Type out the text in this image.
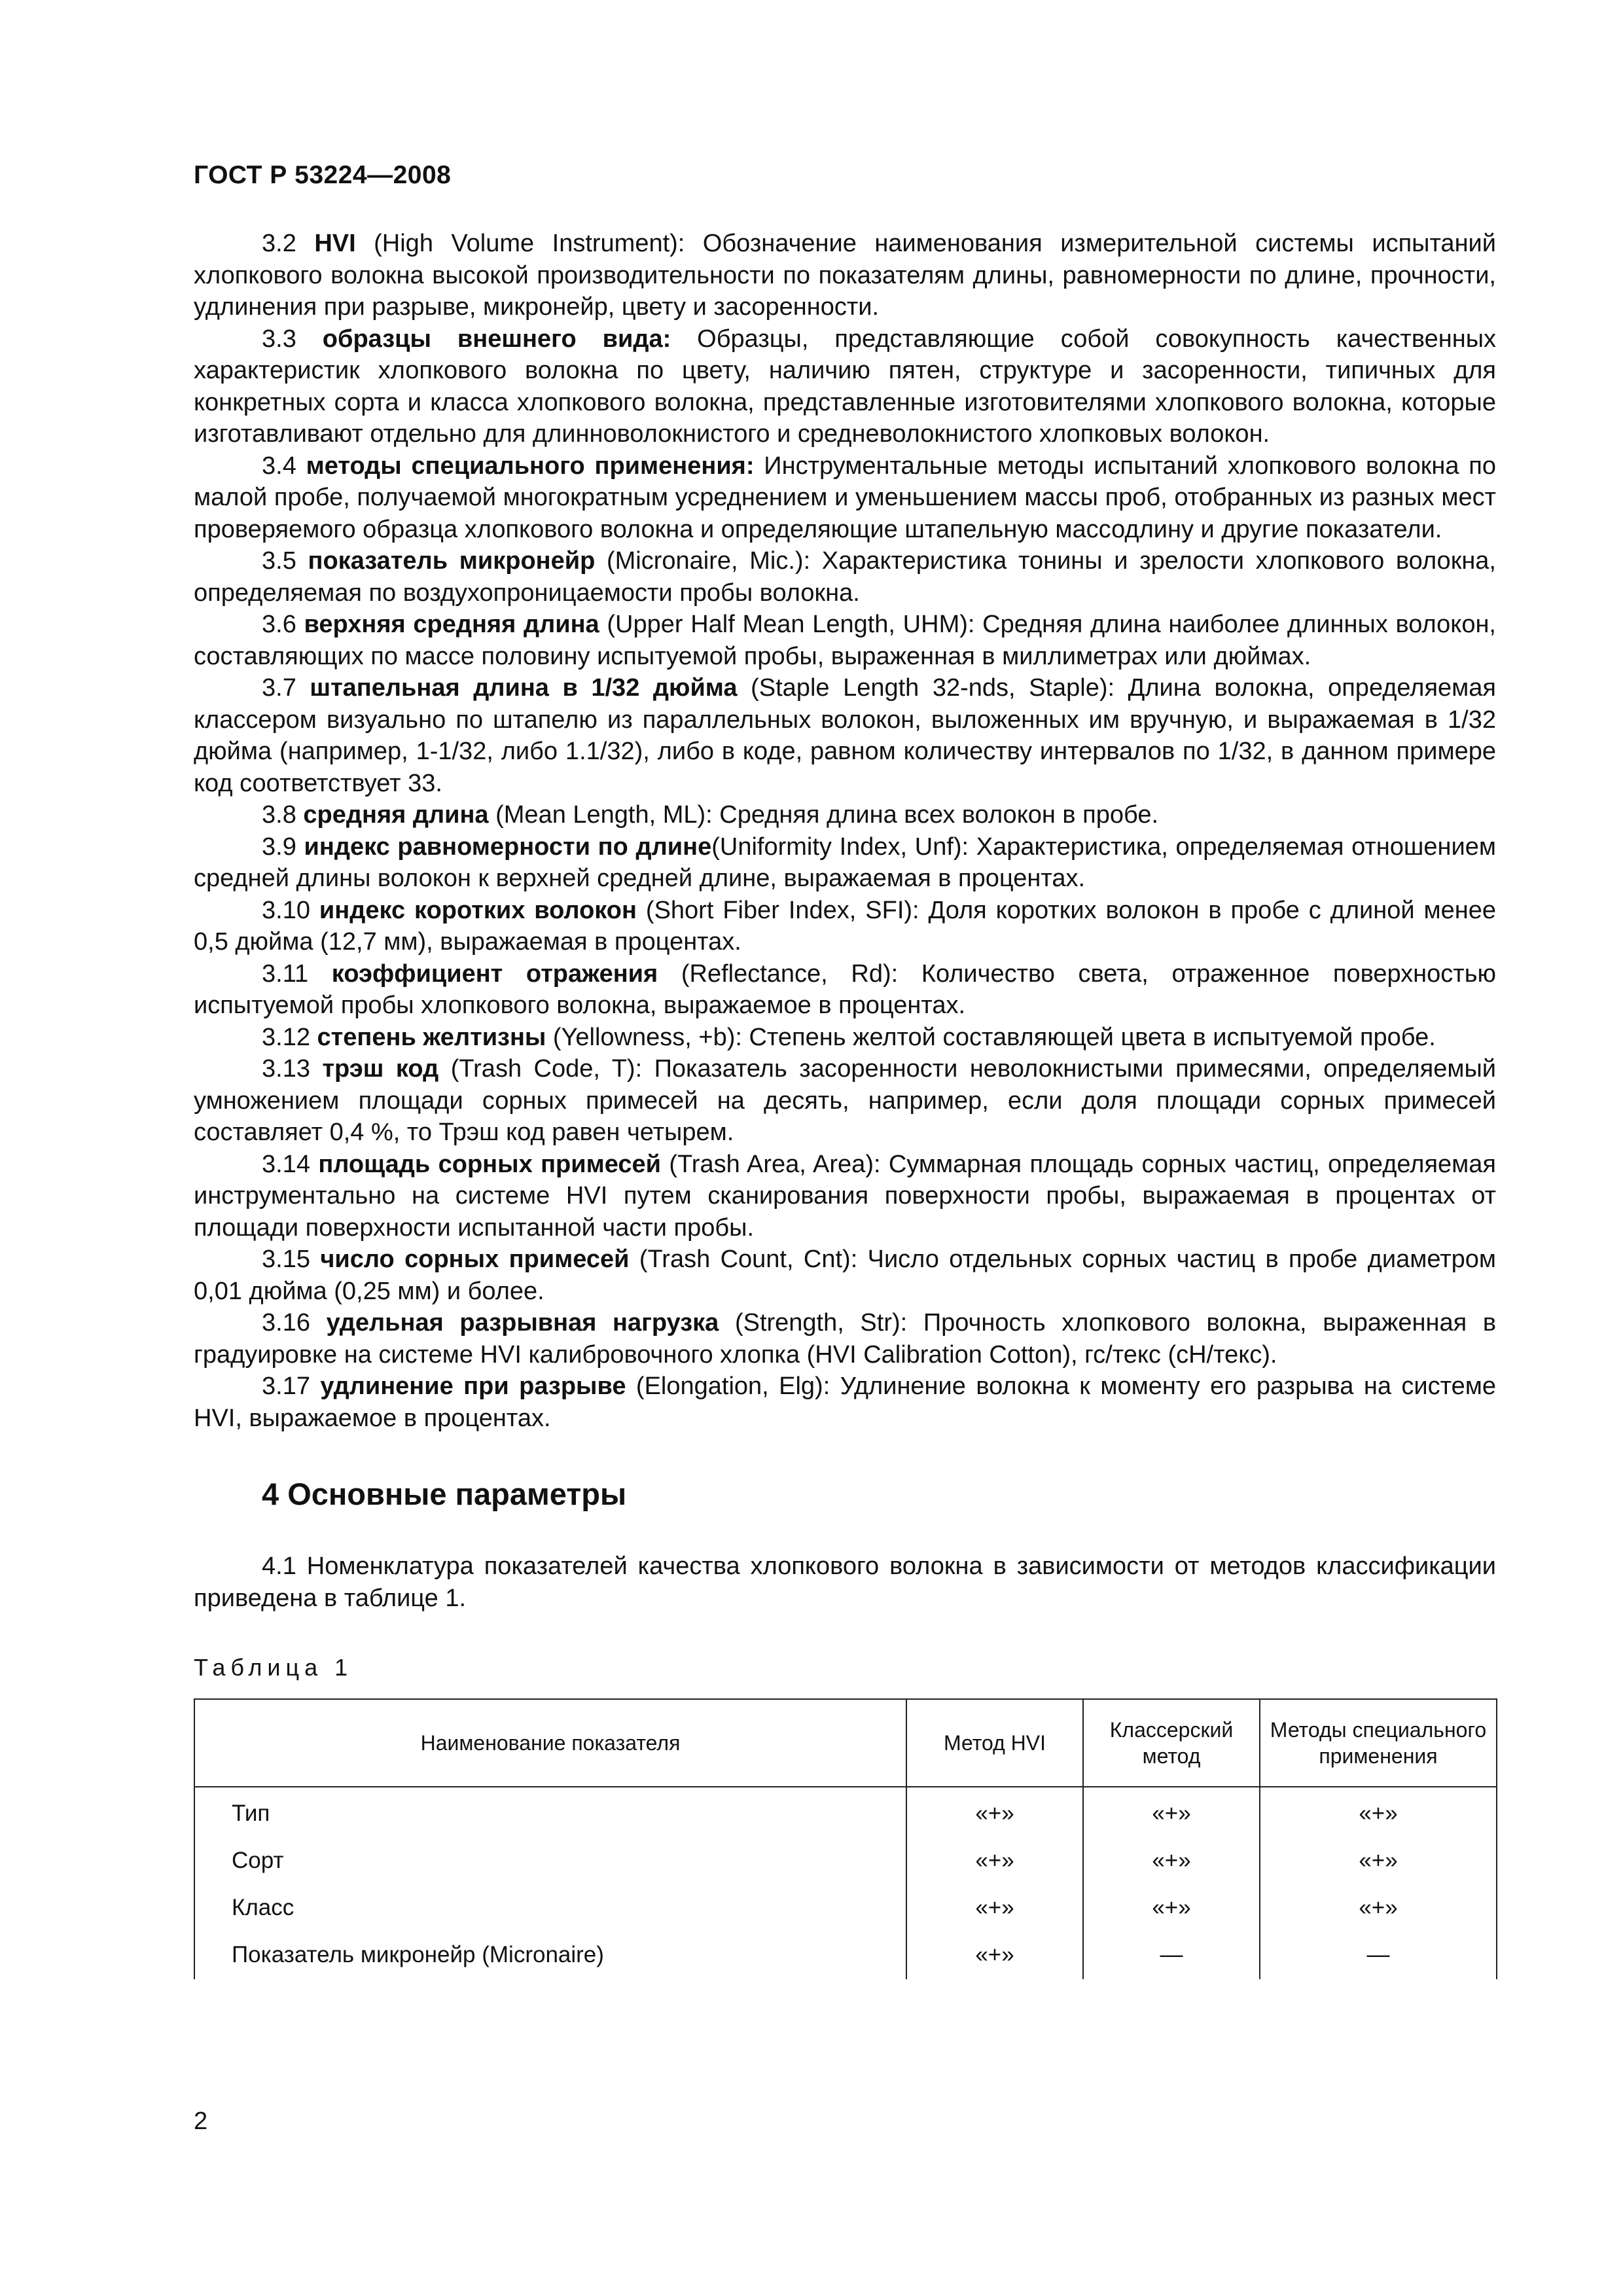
ГОСТ Р 53224—2008

3.2 HVI (High Volume Instrument): Обозначение наименования измерительной системы испытаний хлопкового волокна высокой производительности по показателям длины, равномерности по длине, прочности, удлинения при разрыве, микронейр, цвету и засоренности.

3.3 образцы внешнего вида: Образцы, представляющие собой совокупность качественных характеристик хлопкового волокна по цвету, наличию пятен, структуре и засоренности, типичных для конкретных сорта и класса хлопкового волокна, представленные изготовителями хлопкового волокна, которые изготавливают отдельно для длинноволокнистого и средневолокнистого хлопковых волокон.

3.4 методы специального применения: Инструментальные методы испытаний хлопкового волокна по малой пробе, получаемой многократным усреднением и уменьшением массы проб, отобранных из разных мест проверяемого образца хлопкового волокна и определяющие штапельную массодлину и другие показатели.

3.5 показатель микронейр (Micronaire, Mic.): Характеристика тонины и зрелости хлопкового волокна, определяемая по воздухопроницаемости пробы волокна.

3.6 верхняя средняя длина (Upper Half Mean Length, UHM): Средняя длина наиболее длинных волокон, составляющих по массе половину испытуемой пробы, выраженная в миллиметрах или дюймах.

3.7 штапельная длина в 1/32 дюйма (Staple Length 32-nds, Staple): Длина волокна, определяемая классером визуально по штапелю из параллельных волокон, выложенных им вручную, и выражаемая в 1/32 дюйма (например, 1-1/32, либо 1.1/32), либо в коде, равном количеству интервалов по 1/32, в данном примере код соответствует 33.

3.8 средняя длина (Mean Length, ML): Средняя длина всех волокон в пробе.

3.9 индекс равномерности по длине(Uniformity Index, Unf): Характеристика, определяемая отношением средней длины волокон к верхней средней длине, выражаемая в процентах.

3.10 индекс коротких волокон (Short Fiber Index, SFI): Доля коротких волокон в пробе с длиной менее 0,5 дюйма (12,7 мм), выражаемая в процентах.

3.11 коэффициент отражения (Reflectance, Rd): Количество света, отраженное поверхностью испытуемой пробы хлопкового волокна, выражаемое в процентах.

3.12 степень желтизны (Yellowness, +b): Степень желтой составляющей цвета в испытуемой пробе.

3.13 трэш код (Trash Code, T): Показатель засоренности неволокнистыми примесями, определяемый умножением площади сорных примесей на десять, например, если доля площади сорных примесей составляет 0,4 %, то Трэш код равен четырем.

3.14 площадь сорных примесей (Trash Area, Area): Суммарная площадь сорных частиц, определяемая инструментально на системе HVI путем сканирования поверхности пробы, выражаемая в процентах от площади поверхности испытанной части пробы.

3.15 число сорных примесей (Trash Count, Cnt): Число отдельных сорных частиц в пробе диаметром 0,01 дюйма (0,25 мм) и более.

3.16 удельная разрывная нагрузка (Strength, Str): Прочность хлопкового волокна, выраженная в градуировке на системе HVI калибровочного хлопка (HVI Calibration Cotton), гс/текс (сН/текс).

3.17 удлинение при разрыве (Elongation, Elg): Удлинение волокна к моменту его разрыва на системе HVI, выражаемое в процентах.

4 Основные параметры

4.1 Номенклатура показателей качества хлопкового волокна в зависимости от методов классификации приведена в таблице 1.

Таблица 1
Наименование показателя	Метод HVI	Классерский метод	Методы специального применения
Тип	«+»	«+»	«+»
Сорт	«+»	«+»	«+»
Класс	«+»	«+»	«+»
Показатель микронейр (Micronaire)	«+»	—	—
2
